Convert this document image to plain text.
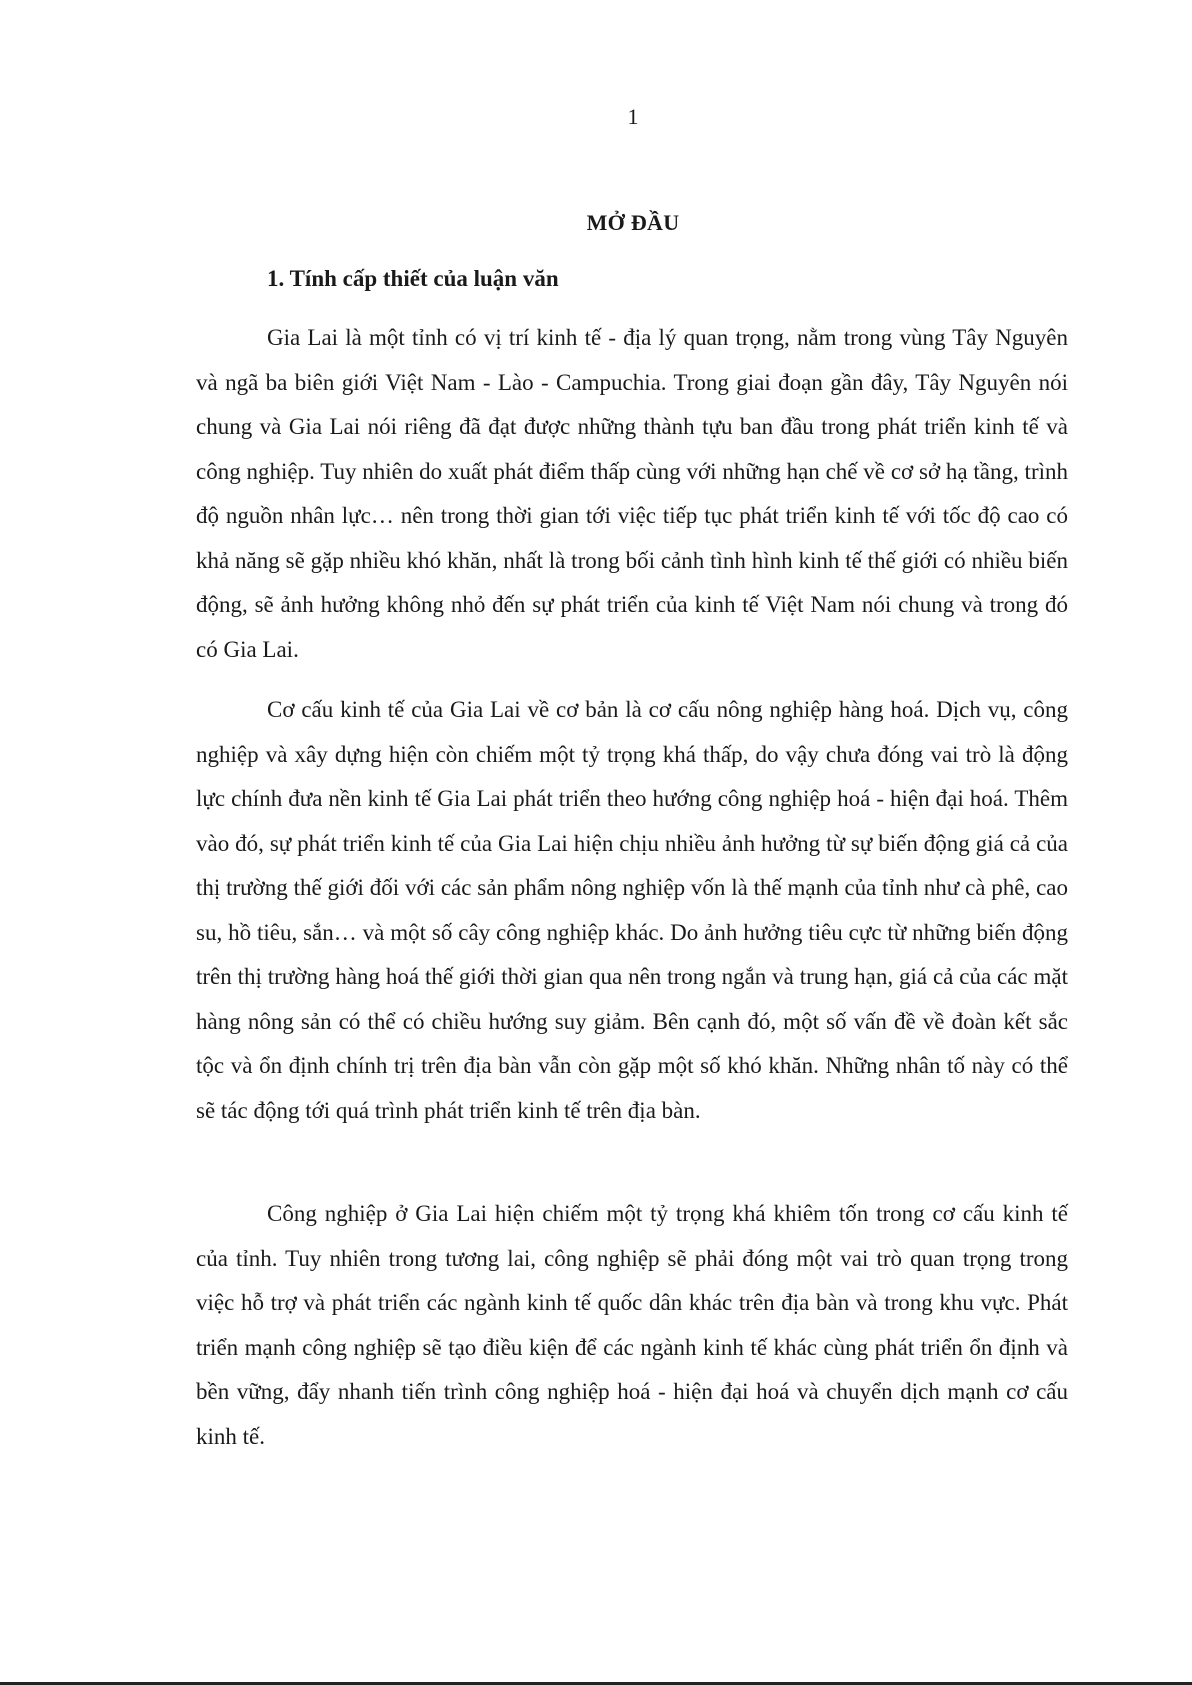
1
MỞ ĐẦU
1. Tính cấp thiết của luận văn

Gia Lai là một tỉnh có vị trí kinh tế - địa lý quan trọng, nằm trong vùng Tây Nguyên và ngã ba biên giới Việt Nam - Lào - Campuchia. Trong giai đoạn gần đây, Tây Nguyên nói chung và Gia Lai nói riêng đã đạt được những thành tựu ban đầu trong phát triển kinh tế và công nghiệp. Tuy nhiên do xuất phát điểm thấp cùng với những hạn chế về cơ sở hạ tầng, trình độ nguồn nhân lực… nên trong thời gian tới việc tiếp tục phát triển kinh tế với tốc độ cao có khả năng sẽ gặp nhiều khó khăn, nhất là trong bối cảnh tình hình kinh tế thế giới có nhiều biến động, sẽ ảnh hưởng không nhỏ đến sự phát triển của kinh tế Việt Nam nói chung và trong đó có Gia Lai.

Cơ cấu kinh tế của Gia Lai về cơ bản là cơ cấu nông nghiệp hàng hoá. Dịch vụ, công nghiệp và xây dựng hiện còn chiếm một tỷ trọng khá thấp, do vậy chưa đóng vai trò là động lực chính đưa nền kinh tế Gia Lai phát triển theo hướng công nghiệp hoá - hiện đại hoá. Thêm vào đó, sự phát triển kinh tế của Gia Lai hiện chịu nhiều ảnh hưởng từ sự biến động giá cả của thị trường thế giới đối với các sản phẩm nông nghiệp vốn là thế mạnh của tỉnh như cà phê, cao su, hồ tiêu, sắn… và một số cây công nghiệp khác. Do ảnh hưởng tiêu cực từ những biến động trên thị trường hàng hoá thế giới thời gian qua nên trong ngắn và trung hạn, giá cả của các mặt hàng nông sản có thể có chiều hướng suy giảm. Bên cạnh đó, một số vấn đề về đoàn kết sắc tộc và ổn định chính trị trên địa bàn vẫn còn gặp một số khó khăn. Những nhân tố này có thể sẽ tác động tới quá trình phát triển kinh tế trên địa bàn.

Công nghiệp ở Gia Lai hiện chiếm một tỷ trọng khá khiêm tốn trong cơ cấu kinh tế của tỉnh. Tuy nhiên trong tương lai, công nghiệp sẽ phải đóng một vai trò quan trọng trong việc hỗ trợ và phát triển các ngành kinh tế quốc dân khác trên địa bàn và trong khu vực. Phát triển mạnh công nghiệp sẽ tạo điều kiện để các ngành kinh tế khác cùng phát triển ổn định và bền vững, đẩy nhanh tiến trình công nghiệp hoá - hiện đại hoá và chuyển dịch mạnh cơ cấu kinh tế.
